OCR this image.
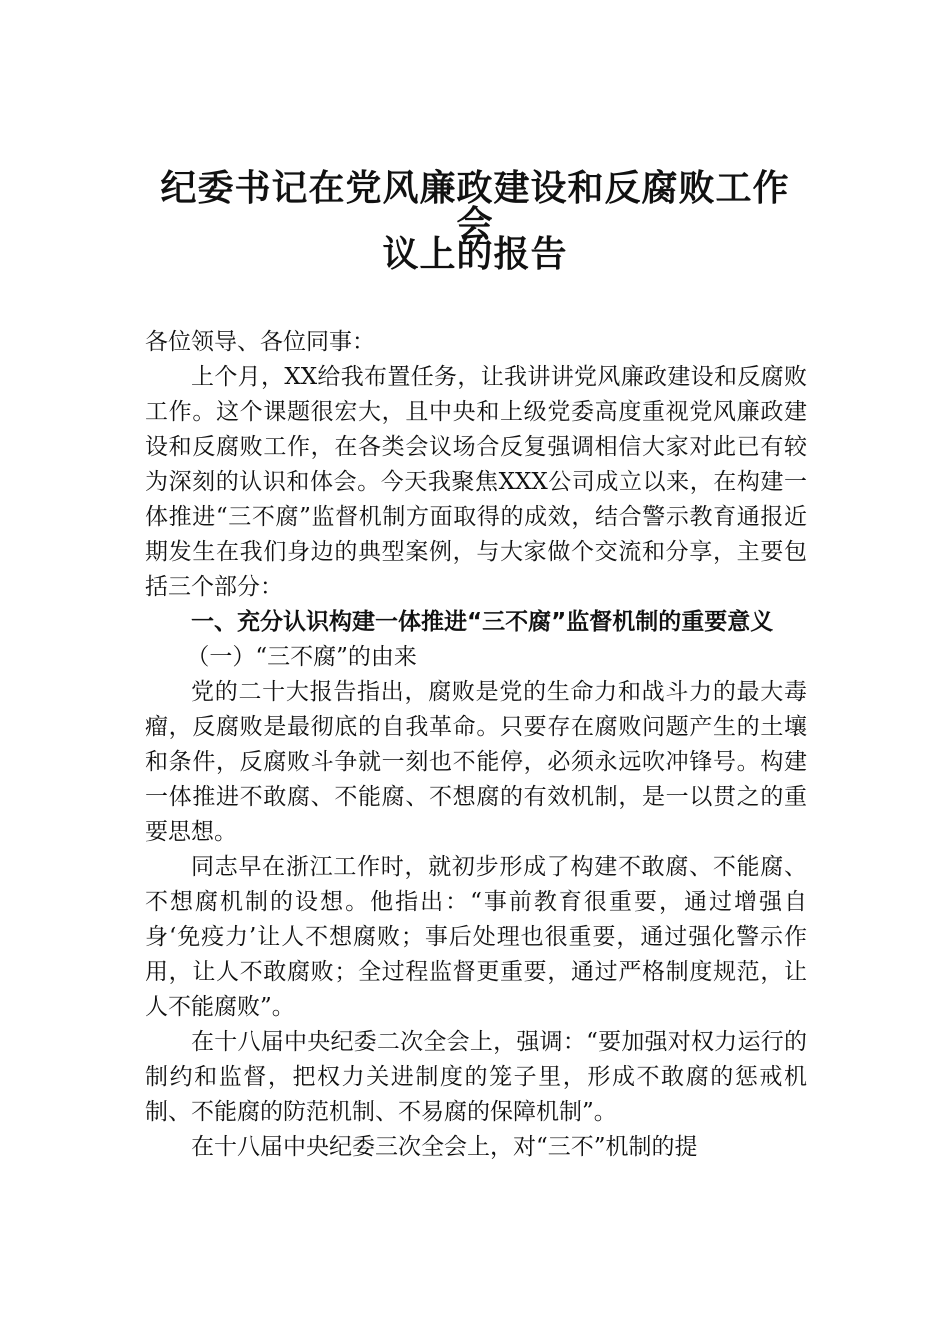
纪委书记在党风廉政建设和反腐败工作会
议上的报告

各位领导、各位同事：

上个月，XX给我布置任务，让我讲讲党风廉政建设和反腐败工作。这个课题很宏大，且中央和上级党委高度重视党风廉政建设和反腐败工作，在各类会议场合反复强调相信大家对此已有较为深刻的认识和体会。今天我聚焦XXX公司成立以来，在构建一体推进“三不腐”监督机制方面取得的成效，结合警示教育通报近期发生在我们身边的典型案例，与大家做个交流和分享，主要包括三个部分：

一、充分认识构建一体推进“三不腐”监督机制的重要意义

（一）“三不腐”的由来

党的二十大报告指出，腐败是党的生命力和战斗力的最大毒瘤，反腐败是最彻底的自我革命。只要存在腐败问题产生的土壤和条件，反腐败斗争就一刻也不能停，必须永远吹冲锋号。构建一体推进不敢腐、不能腐、不想腐的有效机制，是一以贯之的重要思想。

同志早在浙江工作时，就初步形成了构建不敢腐、不能腐、不想腐机制的设想。他指出：“事前教育很重要，通过增强自身‘免疫力’让人不想腐败；事后处理也很重要，通过强化警示作用，让人不敢腐败；全过程监督更重要，通过严格制度规范，让人不能腐败”。

在十八届中央纪委二次全会上，强调：“要加强对权力运行的制约和监督，把权力关进制度的笼子里，形成不敢腐的惩戒机制、不能腐的防范机制、不易腐的保障机制”。

在十八届中央纪委三次全会上，对“三不”机制的提
